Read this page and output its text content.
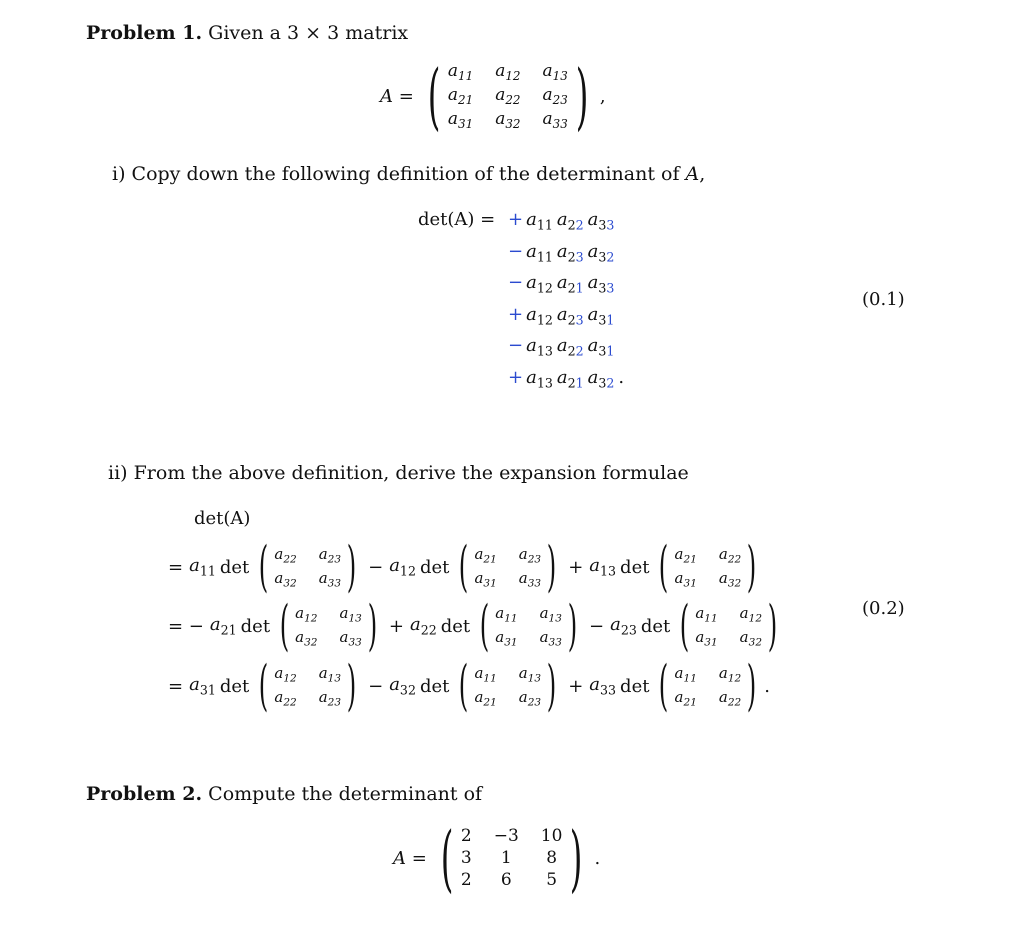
Problem 1. Given a 3 × 3 matrix
A = ( $a_{11}$ $a_{12}$ $a_{13}$
$a_{21}$ $a_{22}$ $a_{23}$
$a_{31}$ $a_{32}$ $a_{33}$ ) ,
i) Copy down the following definition of the determinant of A,
det(A) = + $a_{11}$ $a_{22}$ $a_{33}$
− $a_{11}$ $a_{23}$ $a_{32}$
− $a_{12}$ $a_{21}$ $a_{33}$
+ $a_{12}$ $a_{23}$ $a_{31}$
− $a_{13}$ $a_{22}$ $a_{31}$
+ $a_{13}$ $a_{21}$ $a_{32}$ .
(0.1)
ii) From the above definition, derive the expansion formulae
det(A)
= $a_{11}$ det ( $a_{22}$ $a_{23}$
$a_{32}$ $a_{33}$ ) − $a_{12}$ det ( $a_{21}$ $a_{23}$
$a_{31}$ $a_{33}$ ) + $a_{13}$ det ( $a_{21}$ $a_{22}$
$a_{31}$ $a_{32}$ )
= − $a_{21}$ det ( $a_{12}$ $a_{13}$
$a_{32}$ $a_{33}$ ) + $a_{22}$ det ( $a_{11}$ $a_{13}$
$a_{31}$ $a_{33}$ ) − $a_{23}$ det ( $a_{11}$ $a_{12}$
$a_{31}$ $a_{32}$ )
= $a_{31}$ det ( $a_{12}$ $a_{13}$
$a_{22}$ $a_{23}$ ) − $a_{32}$ det ( $a_{11}$ $a_{13}$
$a_{21}$ $a_{23}$ ) + $a_{33}$ det ( $a_{11}$ $a_{12}$
$a_{21}$ $a_{22}$ ) .
(0.2)
Problem 2. Compute the determinant of
A = ( 2 −3 10
3	1	8
2	6	5 ) .
